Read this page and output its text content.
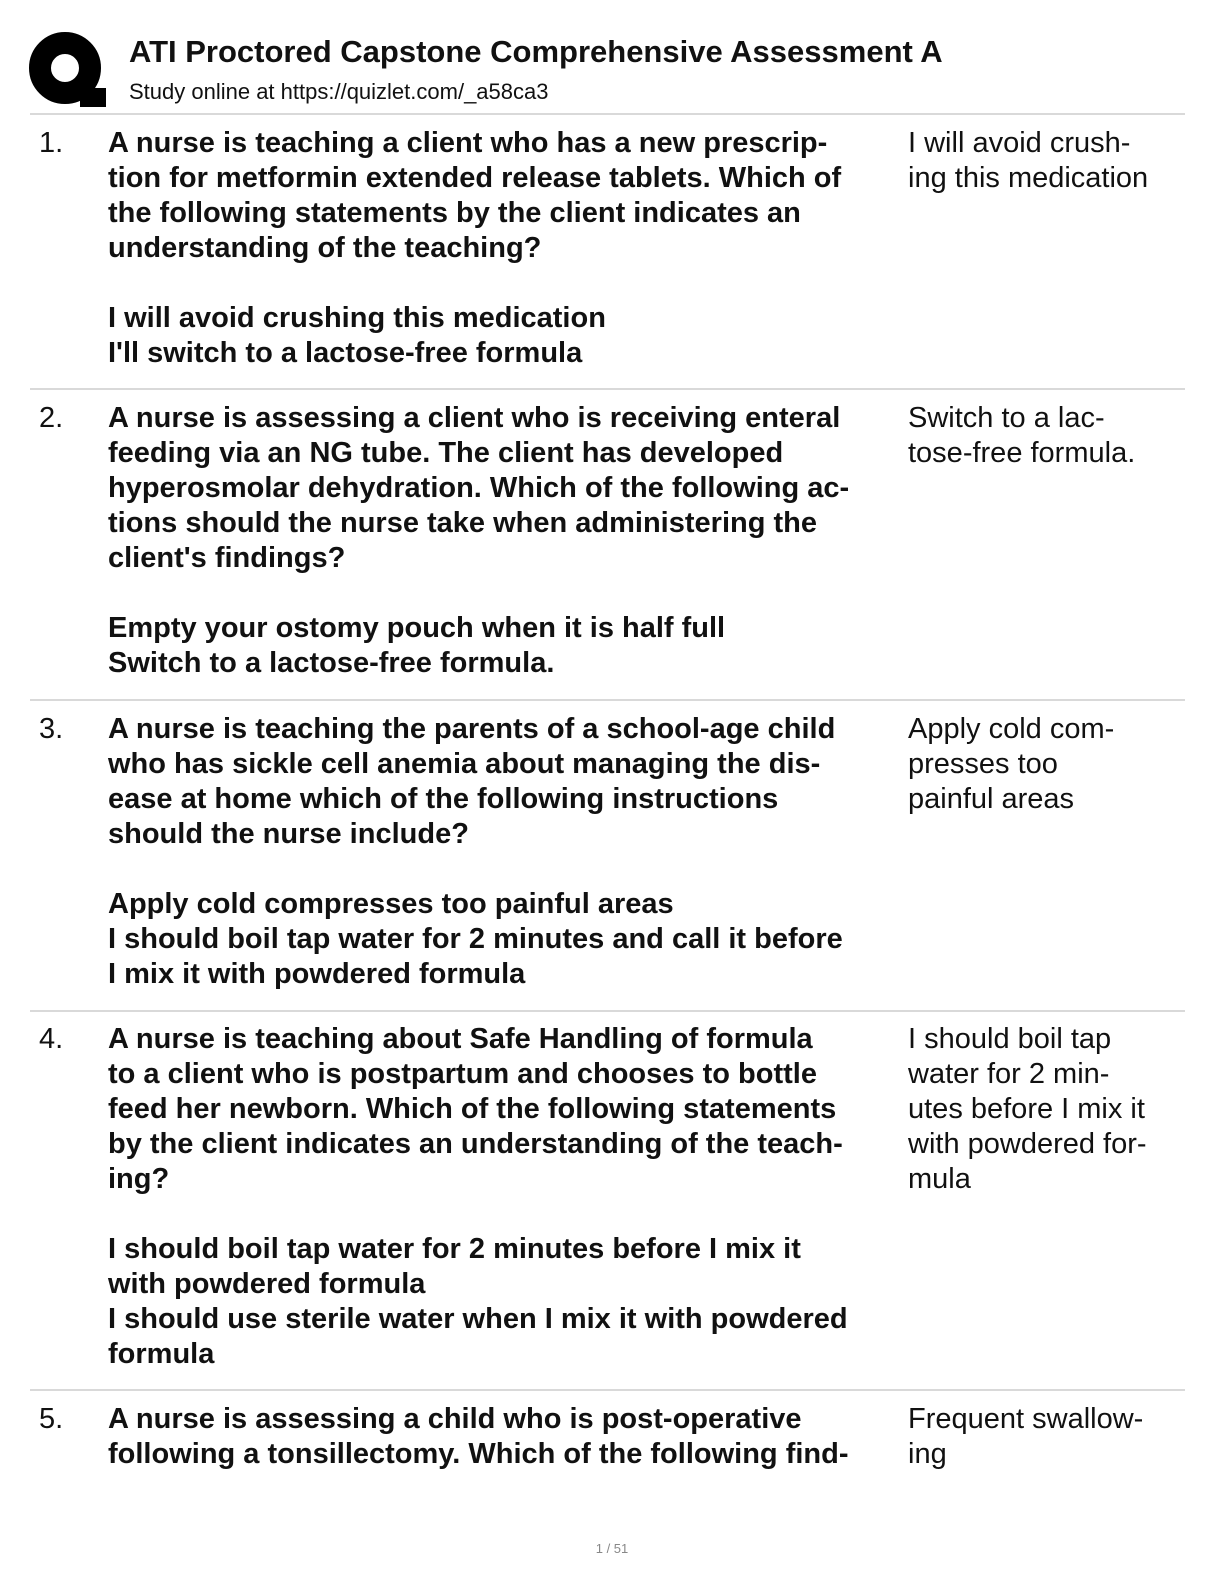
ATI Proctored Capstone Comprehensive Assessment A
Study online at https://quizlet.com/_a58ca3
1. A nurse is teaching a client who has a new prescrip-
tion for metformin extended release tablets. Which of
the following statements by the client indicates an
understanding of the teaching?
I will avoid crushing this medication
I'll switch to a lactose-free formula
I will avoid crush-
ing this medication
2. A nurse is assessing a client who is receiving enteral
feeding via an NG tube. The client has developed
hyperosmolar dehydration. Which of the following ac-
tions should the nurse take when administering the
client's findings?
Empty your ostomy pouch when it is half full
Switch to a lactose-free formula.
Switch to a lac-
tose-free formula.
3. A nurse is teaching the parents of a school-age child
who has sickle cell anemia about managing the dis-
ease at home which of the following instructions
should the nurse include?
Apply cold compresses too painful areas
I should boil tap water for 2 minutes and call it before
I mix it with powdered formula
Apply cold com-
presses too
painful areas
4. A nurse is teaching about Safe Handling of formula
to a client who is postpartum and chooses to bottle
feed her newborn. Which of the following statements
by the client indicates an understanding of the teach-
ing?
I should boil tap water for 2 minutes before I mix it
with powdered formula
I should use sterile water when I mix it with powdered
formula
I should boil tap
water for 2 min-
utes before I mix it
with powdered for-
mula
5. A nurse is assessing a child who is post-operative
following a tonsillectomy. Which of the following find-
Frequent swallow-
ing
1 / 51
